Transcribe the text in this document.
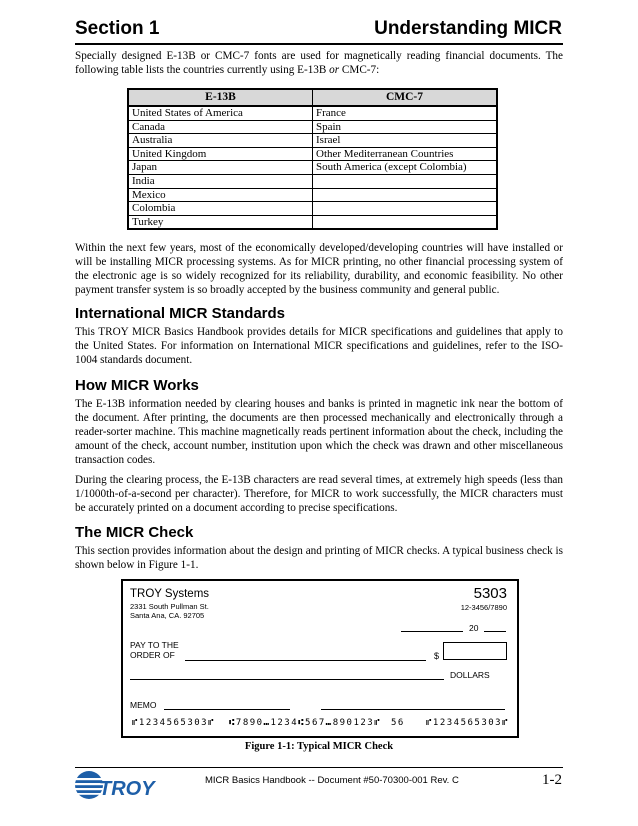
Section 1	Understanding MICR
Specially designed E-13B or CMC-7 fonts are used for magnetically reading financial documents. The following table lists the countries currently using E-13B or CMC-7:
E-13B	CMC-7
United States of America	France
Canada	Spain
Australia	Israel
United Kingdom	Other Mediterranean Countries
Japan	South America (except Colombia)
India	
Mexico	
Colombia	
Turkey	
Within the next few years, most of the economically developed/developing countries will have installed or will be installing MICR processing systems. As for MICR printing, no other financial processing system of the electronic age is so widely recognized for its reliability, durability, and economic feasibility. No other payment transfer system is so broadly accepted by the business community and general public.
International MICR Standards
This TROY MICR Basics Handbook provides details for MICR specifications and guidelines that apply to the United States. For information on International MICR specifications and guidelines, refer to the ISO-1004 standards document.
How MICR Works
The E-13B information needed by clearing houses and banks is printed in magnetic ink near the bottom of the document. After printing, the documents are then processed mechanically and electronically through a reader-sorter machine. This machine magnetically reads pertinent information about the check, including the amount of the check, account number, institution upon which the check was drawn and other miscellaneous transaction codes.
During the clearing process, the E-13B characters are read several times, at extremely high speeds (less than 1/1000th-of-a-second per character). Therefore, for MICR to work successfully, the MICR characters must be accurately printed on a document according to precise specifications.
The MICR Check
This section provides information about the design and printing of MICR checks. A typical business check is shown below in Figure 1-1.
TROY Systems
2331 South Pullman St.
Santa Ana, CA. 92705
5303
12-3456/7890
20
PAY TO THE
ORDER OF	$
DOLLARS
MEMO
⑈1234565303⑈ ⑆7890⑉1234⑆567⑉890123⑈ 56 ⑈1234565303⑈
Figure 1-1: Typical MICR Check
TROY	MICR Basics Handbook -- Document #50-70300-001 Rev. C	1-2
